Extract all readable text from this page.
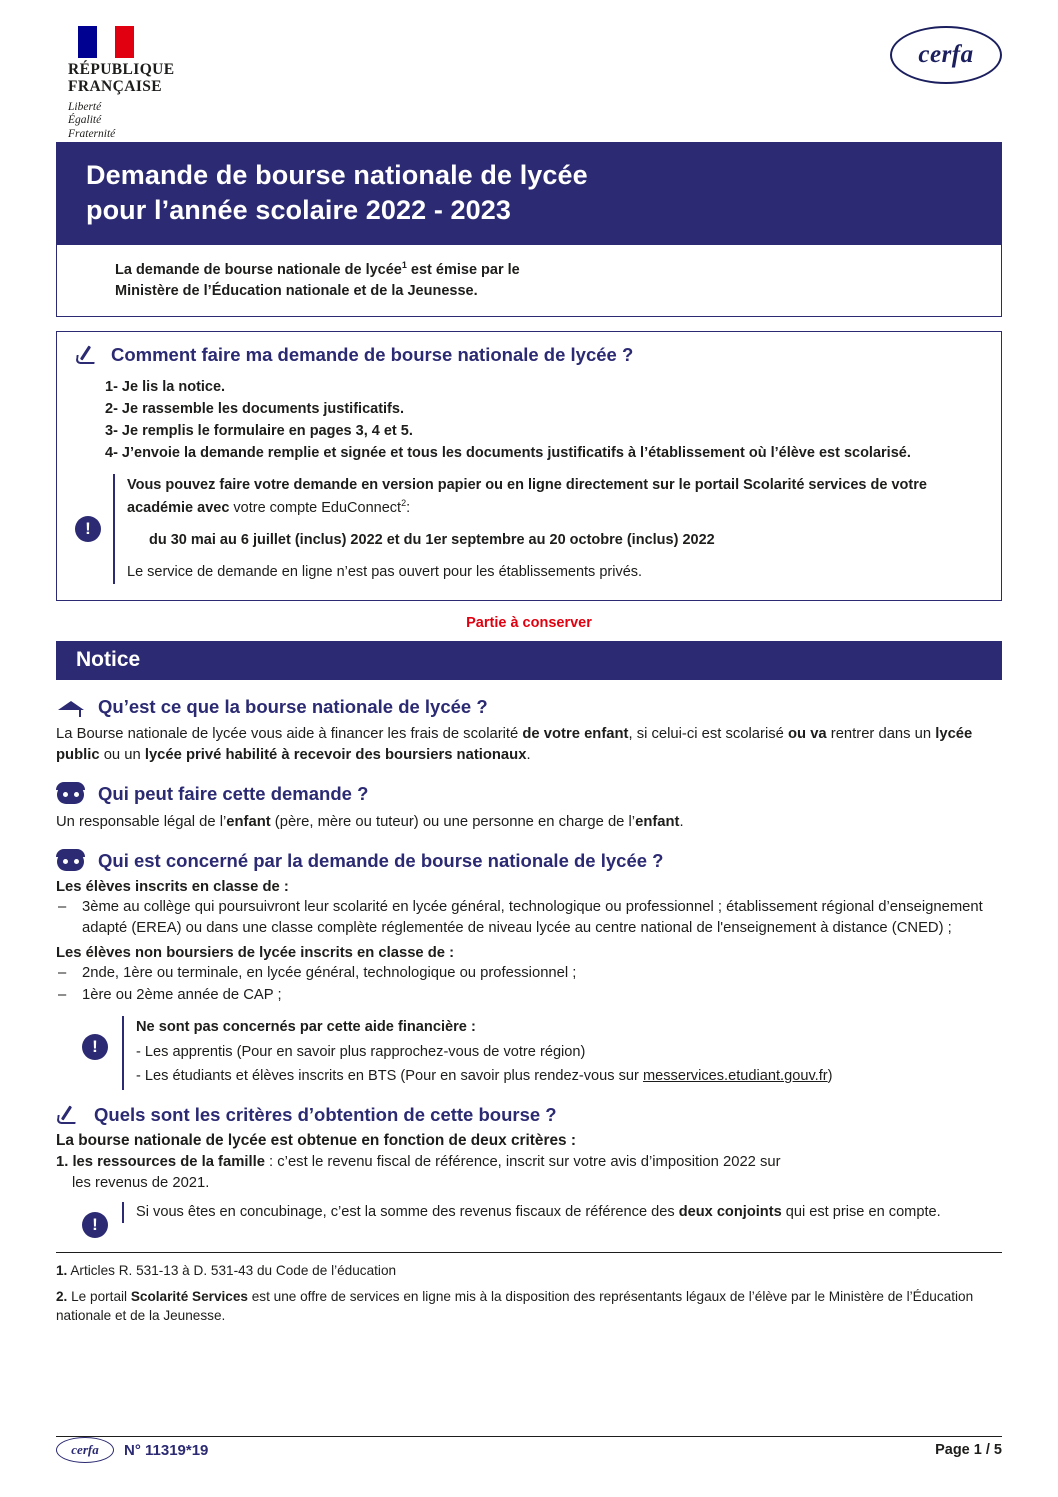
RÉPUBLIQUE
FRANÇAISE
Liberté
Égalité
Fraternité
cerfa
Demande de bourse nationale de lycée
pour l’année scolaire 2022 - 2023
La demande de bourse nationale de lycée$^1$ est émise par le
Ministère de l’Éducation nationale et de la Jeunesse.
Comment faire ma demande de bourse nationale de lycée ?
1- Je lis la notice.
2- Je rassemble les documents justificatifs.
3- Je remplis le formulaire en pages 3, 4 et 5.
4- J’envoie la demande remplie et signée et tous les documents justificatifs à l’établissement où l’élève est scolarisé.
!

Vous pouvez faire votre demande en version papier ou en ligne directement sur le portail Scolarité services de votre académie avec votre compte EduConnect$^2$:

du 30 mai au 6 juillet (inclus) 2022 et du 1er septembre au 20 octobre (inclus) 2022

Le service de demande en ligne n’est pas ouvert pour les établissements privés.

Partie à conserver
Notice
Qu’est ce que la bourse nationale de lycée ?

La Bourse nationale de lycée vous aide à financer les frais de scolarité de votre enfant, si celui-ci est scolarisé ou va rentrer dans un lycée public ou un lycée privé habilité à recevoir des boursiers nationaux.

Qui peut faire cette demande ?

Un responsable légal de l’enfant (père, mère ou tuteur) ou une personne en charge de l’enfant.

Qui est concerné par la demande de bourse nationale de lycée ?

Les élèves inscrits en classe de :

– 3ème au collège qui poursuivront leur scolarité en lycée général, technologique ou professionnel ; établissement régional d’enseignement adapté (EREA) ou dans une classe complète réglementée de niveau lycée au centre national de l'enseignement à distance (CNED) ;

Les élèves non boursiers de lycée inscrits en classe de :

– 2nde, 1ère ou terminale, en lycée général, technologique ou professionnel ;
– 1ère ou 2ème année de CAP ;
!

Ne sont pas concernés par cette aide financière :

- Les apprentis (Pour en savoir plus rapprochez-vous de votre région)

- Les étudiants et élèves inscrits en BTS (Pour en savoir plus rendez-vous sur messervices.etudiant.gouv.fr)

Quels sont les critères d’obtention de cette bourse ?

La bourse nationale de lycée est obtenue en fonction de deux critères :

1. les ressources de la famille : c’est le revenu fiscal de référence, inscrit sur votre avis d’imposition 2022 sur
les revenus de 2021.

!

Si vous êtes en concubinage, c’est la somme des revenus fiscaux de référence des deux conjoints qui est prise en compte.

1. Articles R. 531-13 à D. 531-43 du Code de l’éducation

2. Le portail Scolarité Services est une offre de services en ligne mis à la disposition des représentants légaux de l’élève par le Ministère de l’Éducation nationale et de la Jeunesse.

cerfa	N° 11319*19	Page 1 / 5
